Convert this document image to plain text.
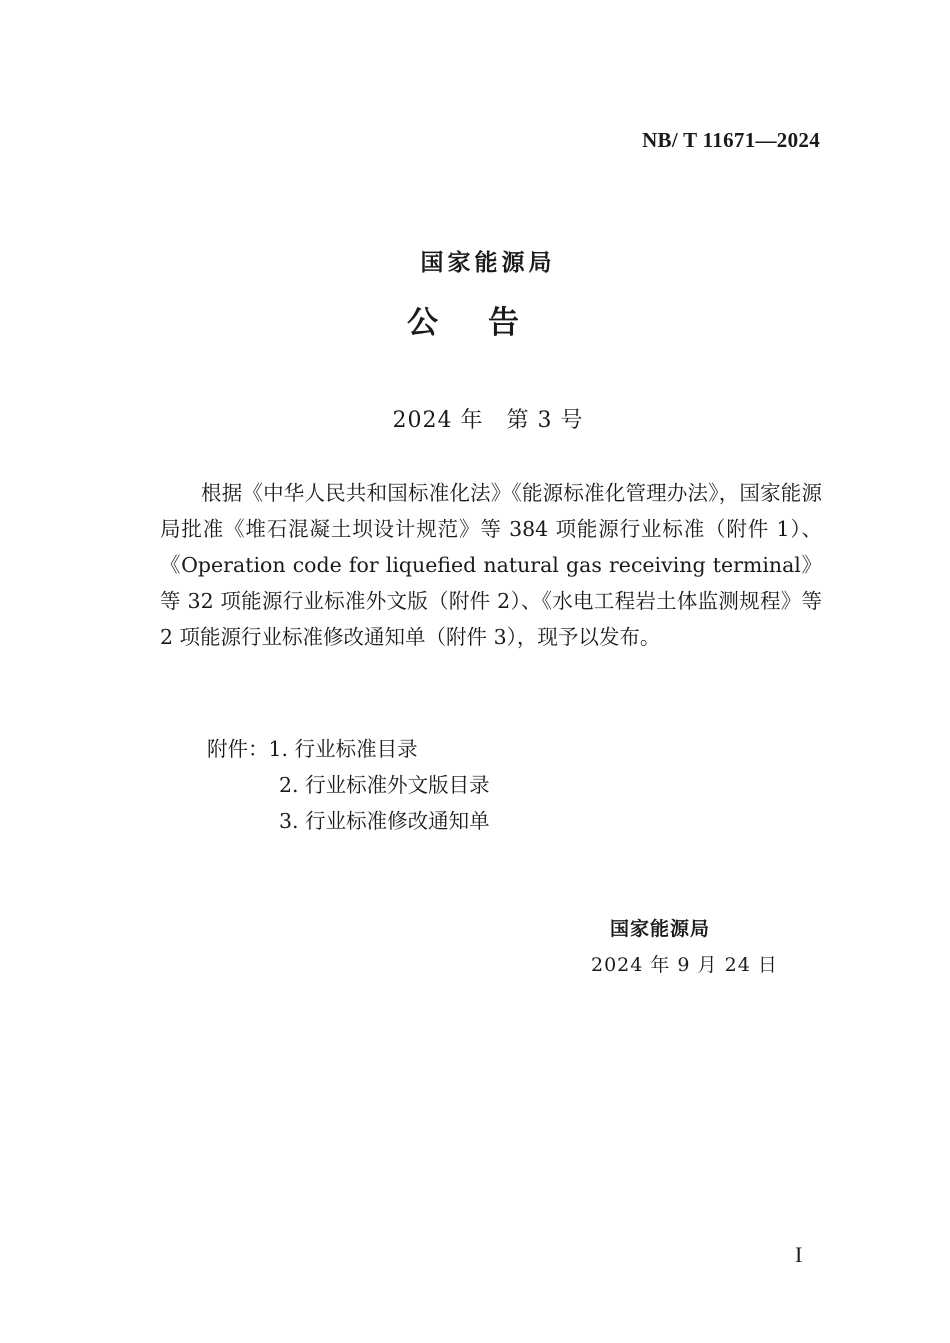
NB/ T 11671—2024
国家能源局
公告
2024 年　第 3 号

根据《中华人民共和国标准化法》《能源标准化管理办法》，国家能源局批准《堆石混凝土坝设计规范》等 384 项能源行业标准（附件 1）、《Operation code for liquefied natural gas receiving terminal》等 32 项能源行业标准外文版（附件 2）、《水电工程岩土体监测规程》等 2 项能源行业标准修改通知单（附件 3），现予以发布。

附件：1. 行业标准目录
2. 行业标准外文版目录
3. 行业标准修改通知单
国家能源局
2024 年 9 月 24 日
I
